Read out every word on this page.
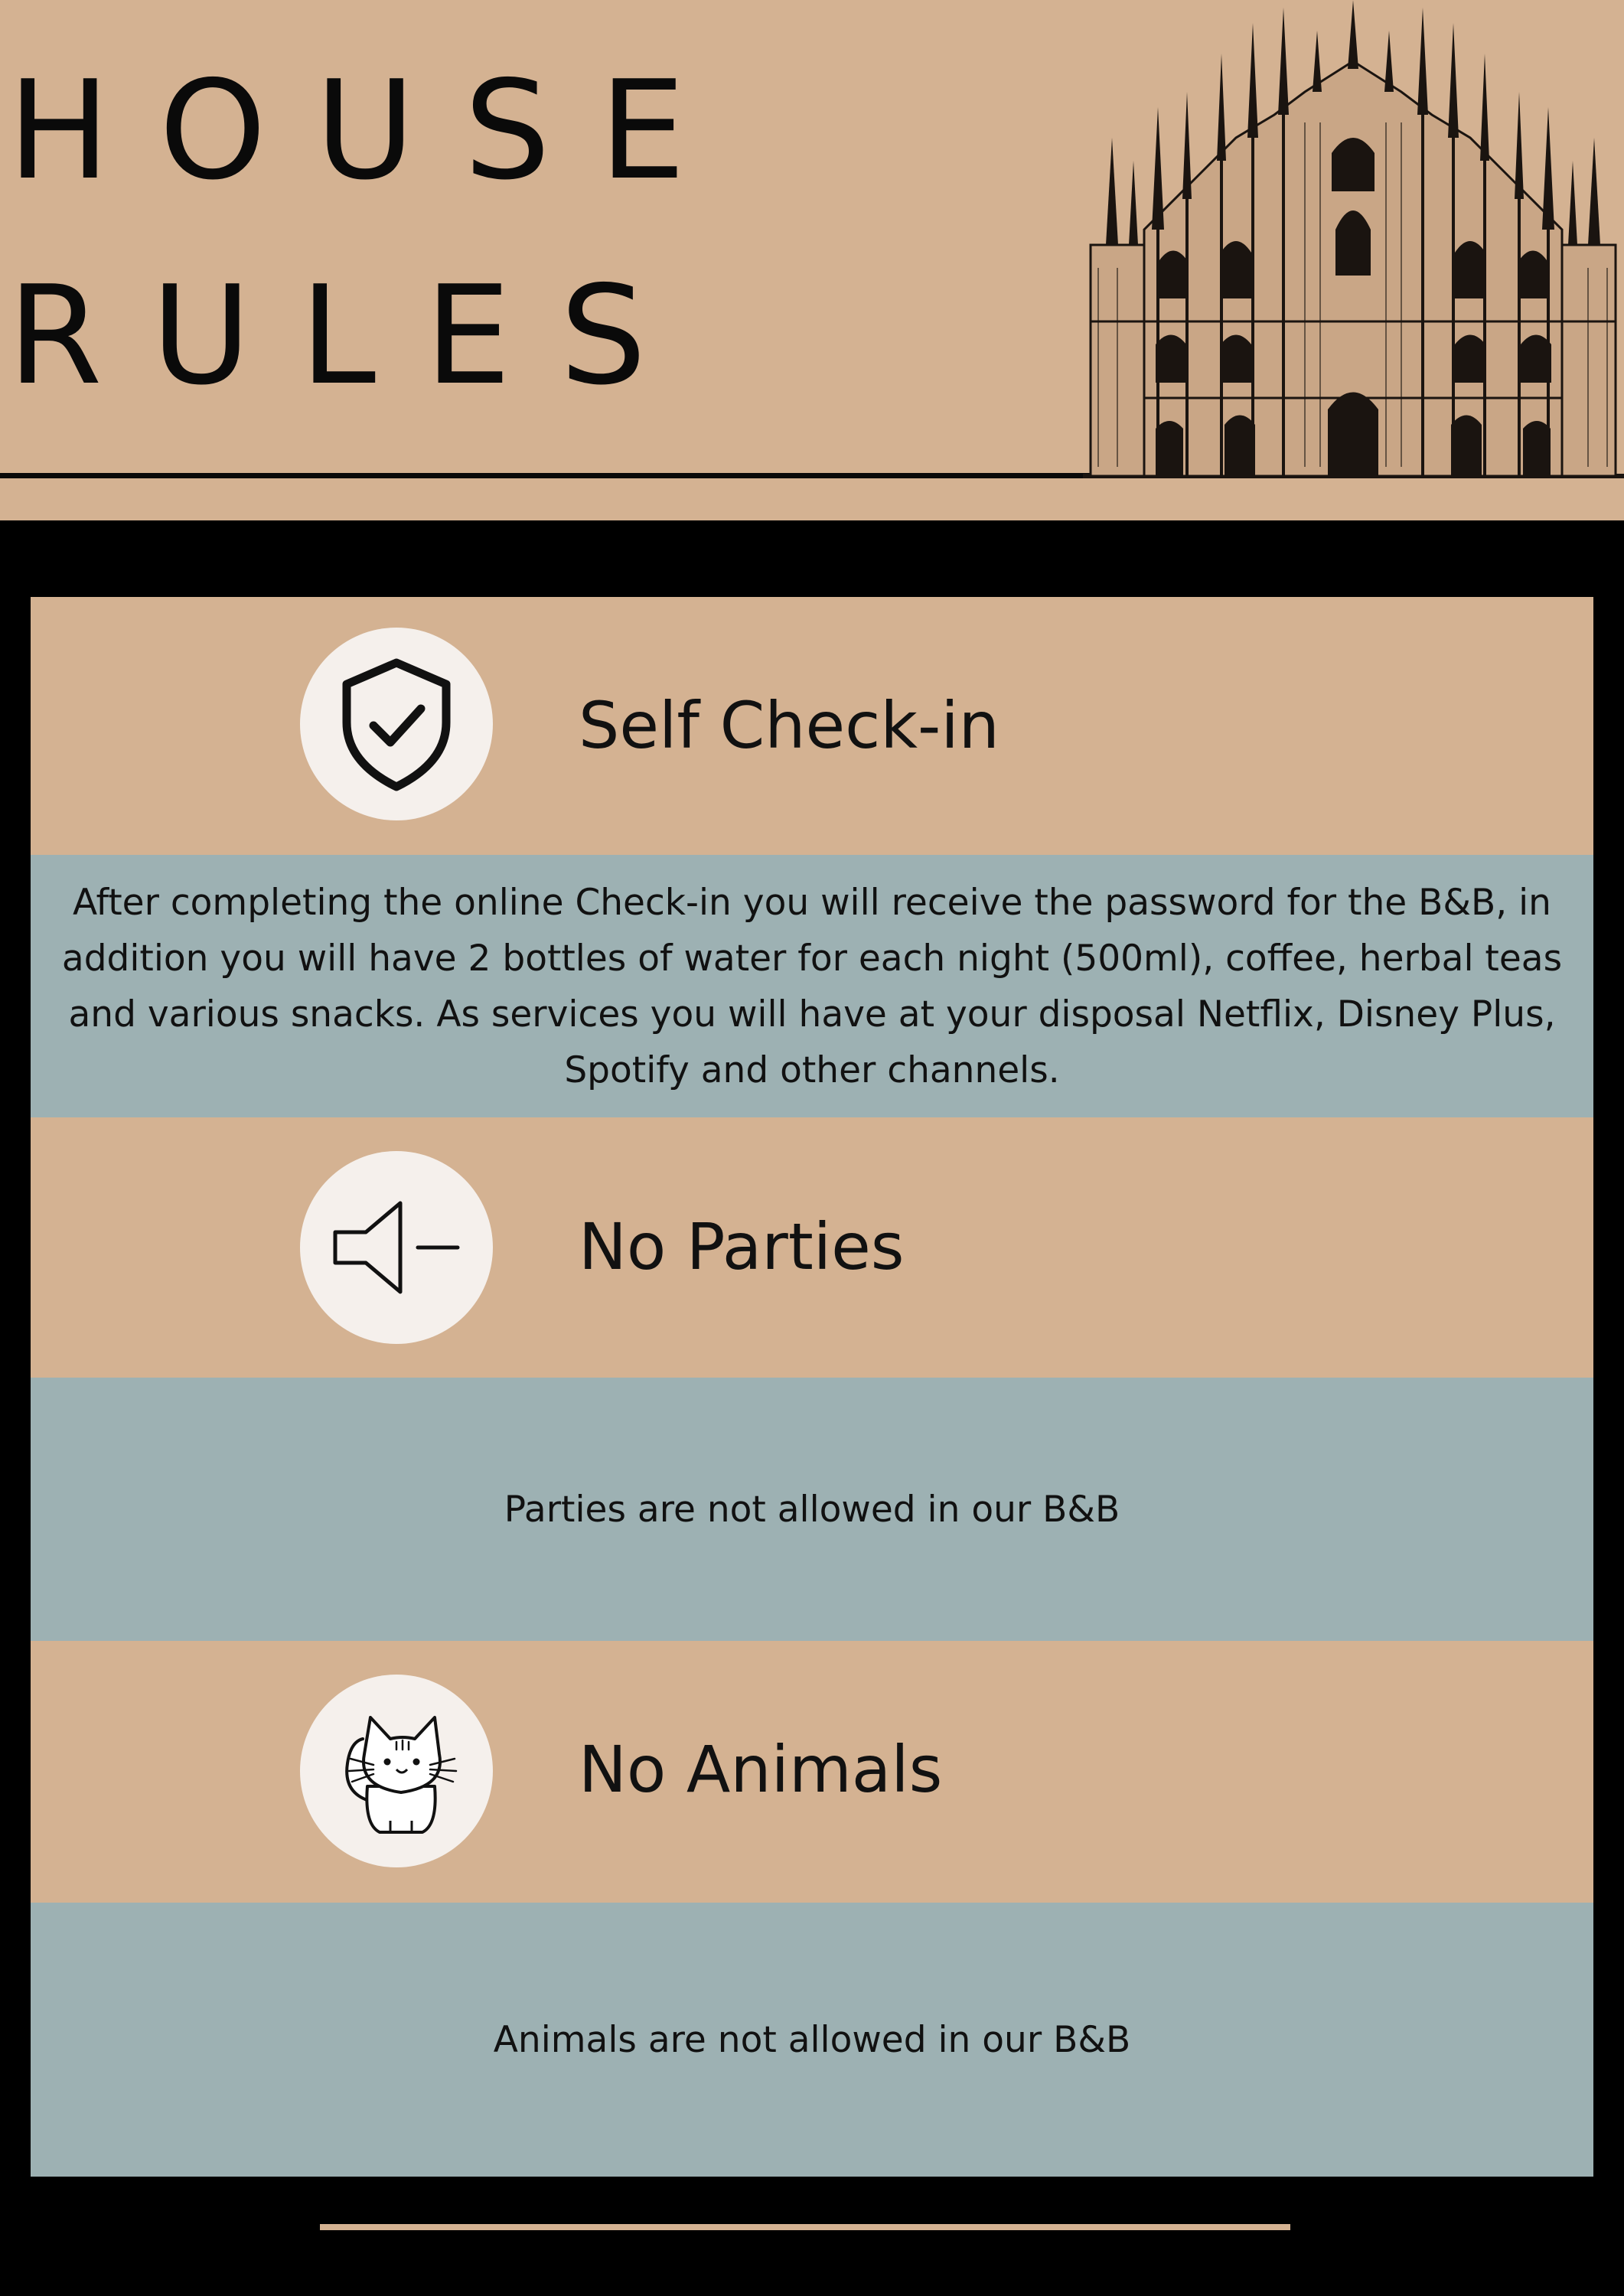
HOUSE
RULES
Self Check-in

After completing the online Check-in you will receive the password for the B&B, in addition you will have 2 bottles of water for each night (500ml), coffee, herbal teas and various snacks. As services you will have at your disposal Netflix, Disney Plus, Spotify and other channels.

No Parties

Parties are not allowed in our B&B

No Animals

Animals are not allowed in our B&B
